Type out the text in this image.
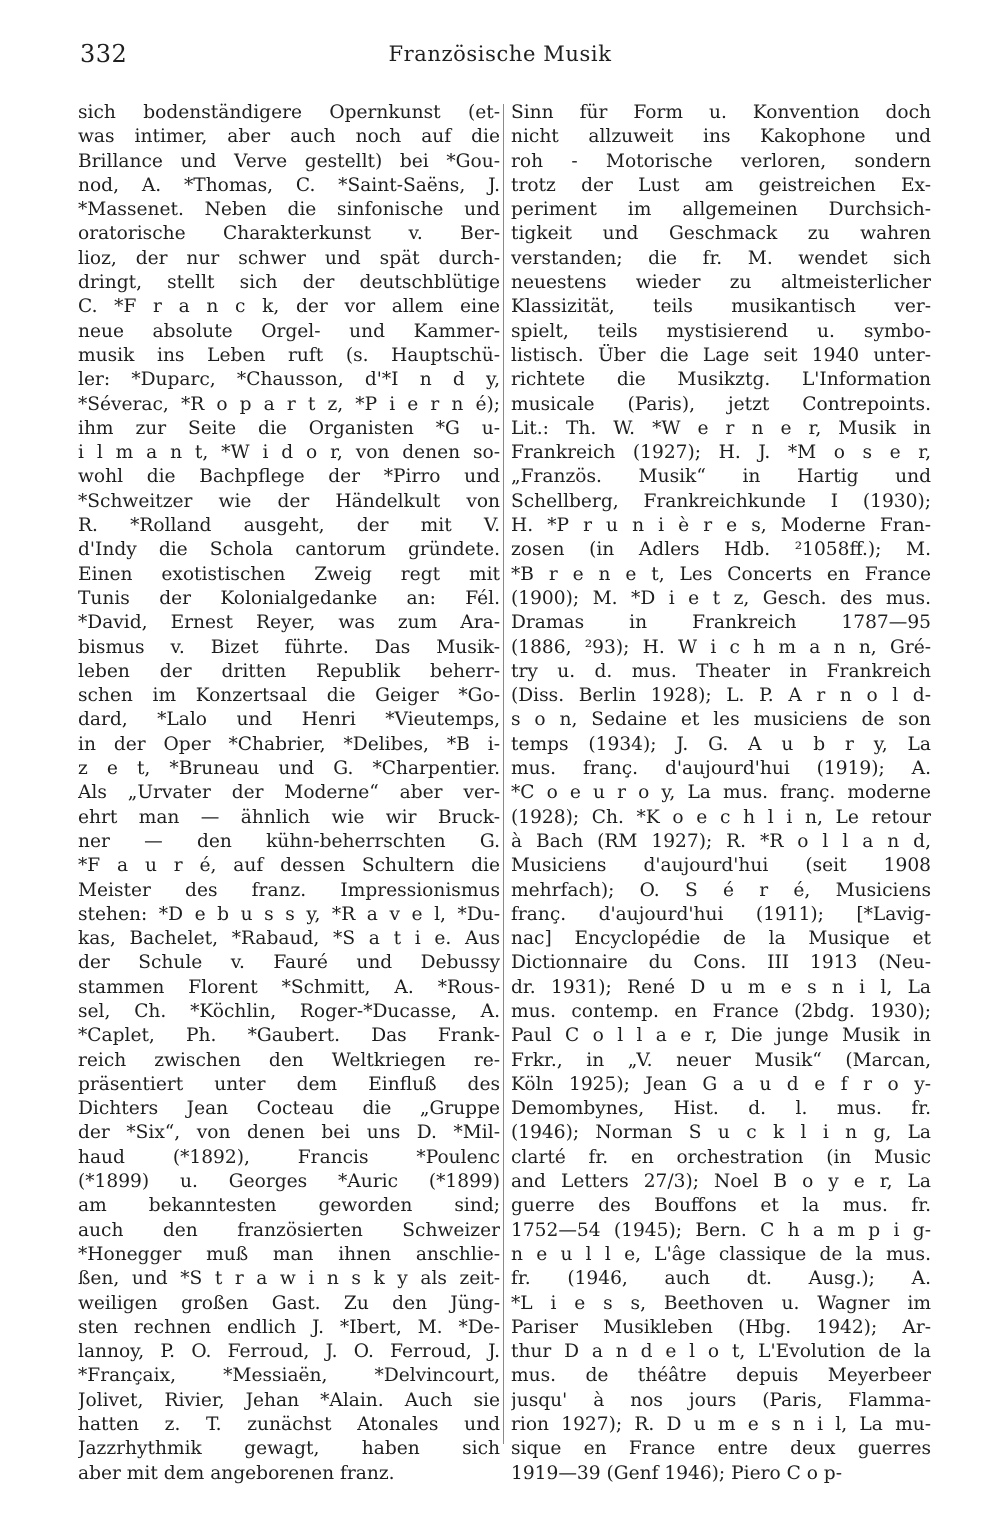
332	Französische Musik
sich bodenständigere Opernkunst (et-
was intimer, aber auch noch auf die
Brillance und Verve gestellt) bei *Gou-
nod, A. *Thomas, C. *Saint-Saëns, J.
*Massenet. Neben die sinfonische und
oratorische Charakterkunst v. Ber-
lioz, der nur schwer und spät durch-
dringt, stellt sich der deutschblütige
C. *F r a n c k, der vor allem eine
neue absolute Orgel- und Kammer-
musik ins Leben ruft (s. Hauptschü-
ler: *Duparc, *Chausson, d'*I n d y,
*Séverac, *R o p a r t z, *P i e r n é);
ihm zur Seite die Organisten *G u-
i l m a n t, *W i d o r, von denen so-
wohl die Bachpflege der *Pirro und
*Schweitzer wie der Händelkult von
R. *Rolland ausgeht, der mit V.
d'Indy die Schola cantorum gründete.
Einen exotistischen Zweig regt mit
Tunis der Kolonialgedanke an: Fél.
*David, Ernest Reyer, was zum Ara-
bismus v. Bizet führte. Das Musik-
leben der dritten Republik beherr-
schen im Konzertsaal die Geiger *Go-
dard, *Lalo und Henri *Vieutemps,
in der Oper *Chabrier, *Delibes, *B i-
z e t, *Bruneau und G. *Charpentier.
Als „Urvater der Moderne“ aber ver-
ehrt man — ähnlich wie wir Bruck-
ner — den kühn-beherrschten G.
*F a u r é, auf dessen Schultern die
Meister des franz. Impressionismus
stehen: *D e b u s s y, *R a v e l, *Du-
kas, Bachelet, *Rabaud, *S a t i e. Aus
der Schule v. Fauré und Debussy
stammen Florent *Schmitt, A. *Rous-
sel, Ch. *Köchlin, Roger-*Ducasse, A.
*Caplet, Ph. *Gaubert. Das Frank-
reich zwischen den Weltkriegen re-
präsentiert unter dem Einfluß des
Dichters Jean Cocteau die „Gruppe
der *Six“, von denen bei uns D. *Mil-
haud (*1892), Francis *Poulenc
(*1899) u. Georges *Auric (*1899)
am bekanntesten geworden sind;
auch den französierten Schweizer
*Honegger muß man ihnen anschlie-
ßen, und *S t r a w i n s k y als zeit-
weiligen großen Gast. Zu den Jüng-
sten rechnen endlich J. *Ibert, M. *De-
lannoy, P. O. Ferroud, J. O. Ferroud, J.
*Françaix, *Messiaën, *Delvincourt,
Jolivet, Rivier, Jehan *Alain. Auch sie
hatten z. T. zunächst Atonales und
Jazzrhythmik gewagt, haben sich
aber mit dem angeborenen franz.
Sinn für Form u. Konvention doch
nicht allzuweit ins Kakophone und
roh - Motorische verloren, sondern
trotz der Lust am geistreichen Ex-
periment im allgemeinen Durchsich-
tigkeit und Geschmack zu wahren
verstanden; die fr. M. wendet sich
neuestens wieder zu altmeisterlicher
Klassizität, teils musikantisch ver-
spielt, teils mystisierend u. symbo-
listisch. Über die Lage seit 1940 unter-
richtete die Musikztg. L'Information
musicale (Paris), jetzt Contrepoints.
Lit.: Th. W. *W e r n e r, Musik in
Frankreich (1927); H. J. *M o s e r,
„Französ. Musik“ in Hartig und
Schellberg, Frankreichkunde I (1930);
H. *P r u n i è r e s, Moderne Fran-
zosen (in Adlers Hdb. ²1058ff.); M.
*B r e n e t, Les Concerts en France
(1900); M. *D i e t z, Gesch. des mus.
Dramas in Frankreich 1787—95
(1886, ²93); H. W i c h m a n n, Gré-
try u. d. mus. Theater in Frankreich
(Diss. Berlin 1928); L. P. A r n o l d-
s o n, Sedaine et les musiciens de son
temps (1934); J. G. A u b r y, La
mus. franç. d'aujourd'hui (1919); A.
*C o e u r o y, La mus. franç. moderne
(1928); Ch. *K o e c h l i n, Le retour
à Bach (RM 1927); R. *R o l l a n d,
Musiciens d'aujourd'hui (seit 1908
mehrfach); O. S é r é, Musiciens
franç. d'aujourd'hui (1911); [*Lavig-
nac] Encyclopédie de la Musique et
Dictionnaire du Cons. III 1913 (Neu-
dr. 1931); René D u m e s n i l, La
mus. contemp. en France (2bdg. 1930);
Paul C o l l a e r, Die junge Musik in
Frkr., in „V. neuer Musik“ (Marcan,
Köln 1925); Jean G a u d e f r o y-
Demombynes, Hist. d. l. mus. fr.
(1946); Norman S u c k l i n g, La
clarté fr. en orchestration (in Music
and Letters 27/3); Noel B o y e r, La
guerre des Bouffons et la mus. fr.
1752—54 (1945); Bern. C h a m p i g-
n e u l l e, L'âge classique de la mus.
fr. (1946, auch dt. Ausg.); A.
*L i e s s, Beethoven u. Wagner im
Pariser Musikleben (Hbg. 1942); Ar-
thur D a n d e l o t, L'Evolution de la
mus. de théâtre depuis Meyerbeer
jusqu' à nos jours (Paris, Flamma-
rion 1927); R. D u m e s n i l, La mu-
sique en France entre deux guerres
1919—39 (Genf 1946); Piero C o p-
